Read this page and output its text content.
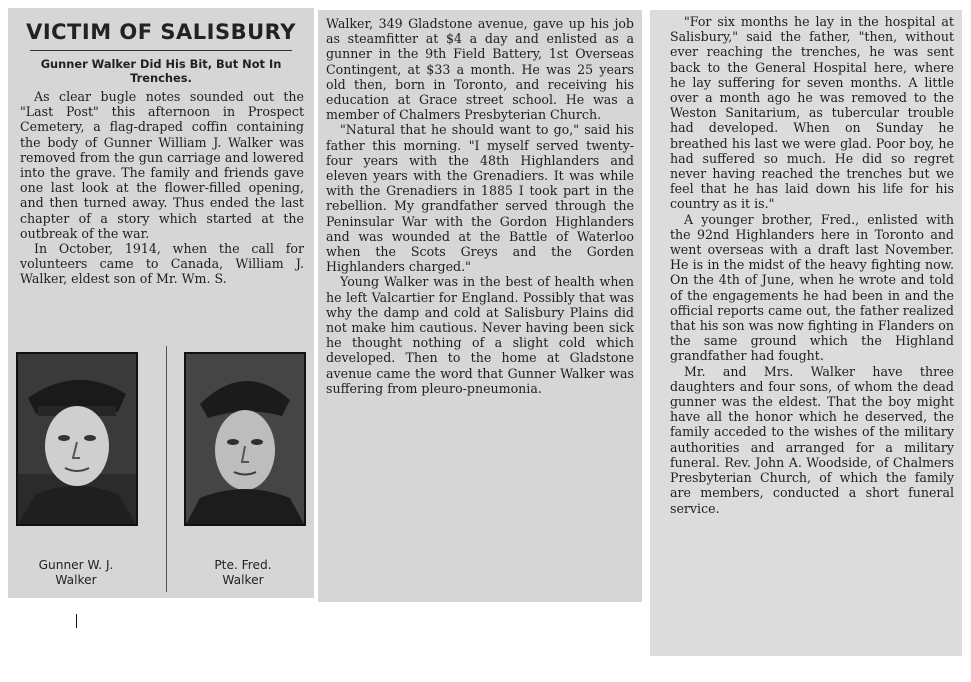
VICTIM OF SALISBURY
Gunner Walker Did His Bit, But Not In Trenches.

As clear bugle notes sounded out the "Last Post" this afternoon in Prospect Cemetery, a flag-draped coffin containing the body of Gunner William J. Walker was removed from the gun carriage and lowered into the grave. The family and friends gave one last look at the flower-filled opening, and then turned away. Thus ended the last chapter of a story which started at the outbreak of the war.

In October, 1914, when the call for volunteers came to Canada, William J. Walker, eldest son of Mr. Wm. S.

Gunner W. J.
Walker
Pte. Fred.
Walker

Walker, 349 Gladstone avenue, gave up his job as steamfitter at $4 a day and enlisted as a gunner in the 9th Field Battery, 1st Overseas Contingent, at $33 a month. He was 25 years old then, born in Toronto, and receiving his education at Grace street school. He was a member of Chalmers Presbyterian Church.

"Natural that he should want to go," said his father this morning. "I myself served twenty-four years with the 48th Highlanders and eleven years with the Grenadiers. It was while with the Grenadiers in 1885 I took part in the rebellion. My grandfather served through the Peninsular War with the Gordon Highlanders and was wounded at the Battle of Waterloo when the Scots Greys and the Gorden Highlanders charged."

Young Walker was in the best of health when he left Valcartier for England. Possibly that was why the damp and cold at Salisbury Plains did not make him cautious. Never having been sick he thought nothing of a slight cold which developed. Then to the home at Gladstone avenue came the word that Gunner Walker was suffering from pleuro-pneumonia.

"For six months he lay in the hospital at Salisbury," said the father, "then, without ever reaching the trenches, he was sent back to the General Hospital here, where he lay suffering for seven months. A little over a month ago he was removed to the Weston Sanitarium, as tubercular trouble had developed. When on Sunday he breathed his last we were glad. Poor boy, he had suffered so much. He did so regret never having reached the trenches but we feel that he has laid down his life for his country as it is."

A younger brother, Fred., enlisted with the 92nd Highlanders here in Toronto and went overseas with a draft last November. He is in the midst of the heavy fighting now. On the 4th of June, when he wrote and told of the engagements he had been in and the official reports came out, the father realized that his son was now fighting in Flanders on the same ground which the Highland grandfather had fought.

Mr. and Mrs. Walker have three daughters and four sons, of whom the dead gunner was the eldest. That the boy might have all the honor which he deserved, the family acceded to the wishes of the military authorities and arranged for a military funeral. Rev. John A. Woodside, of Chalmers Presbyterian Church, of which the family are members, conducted a short funeral service.
